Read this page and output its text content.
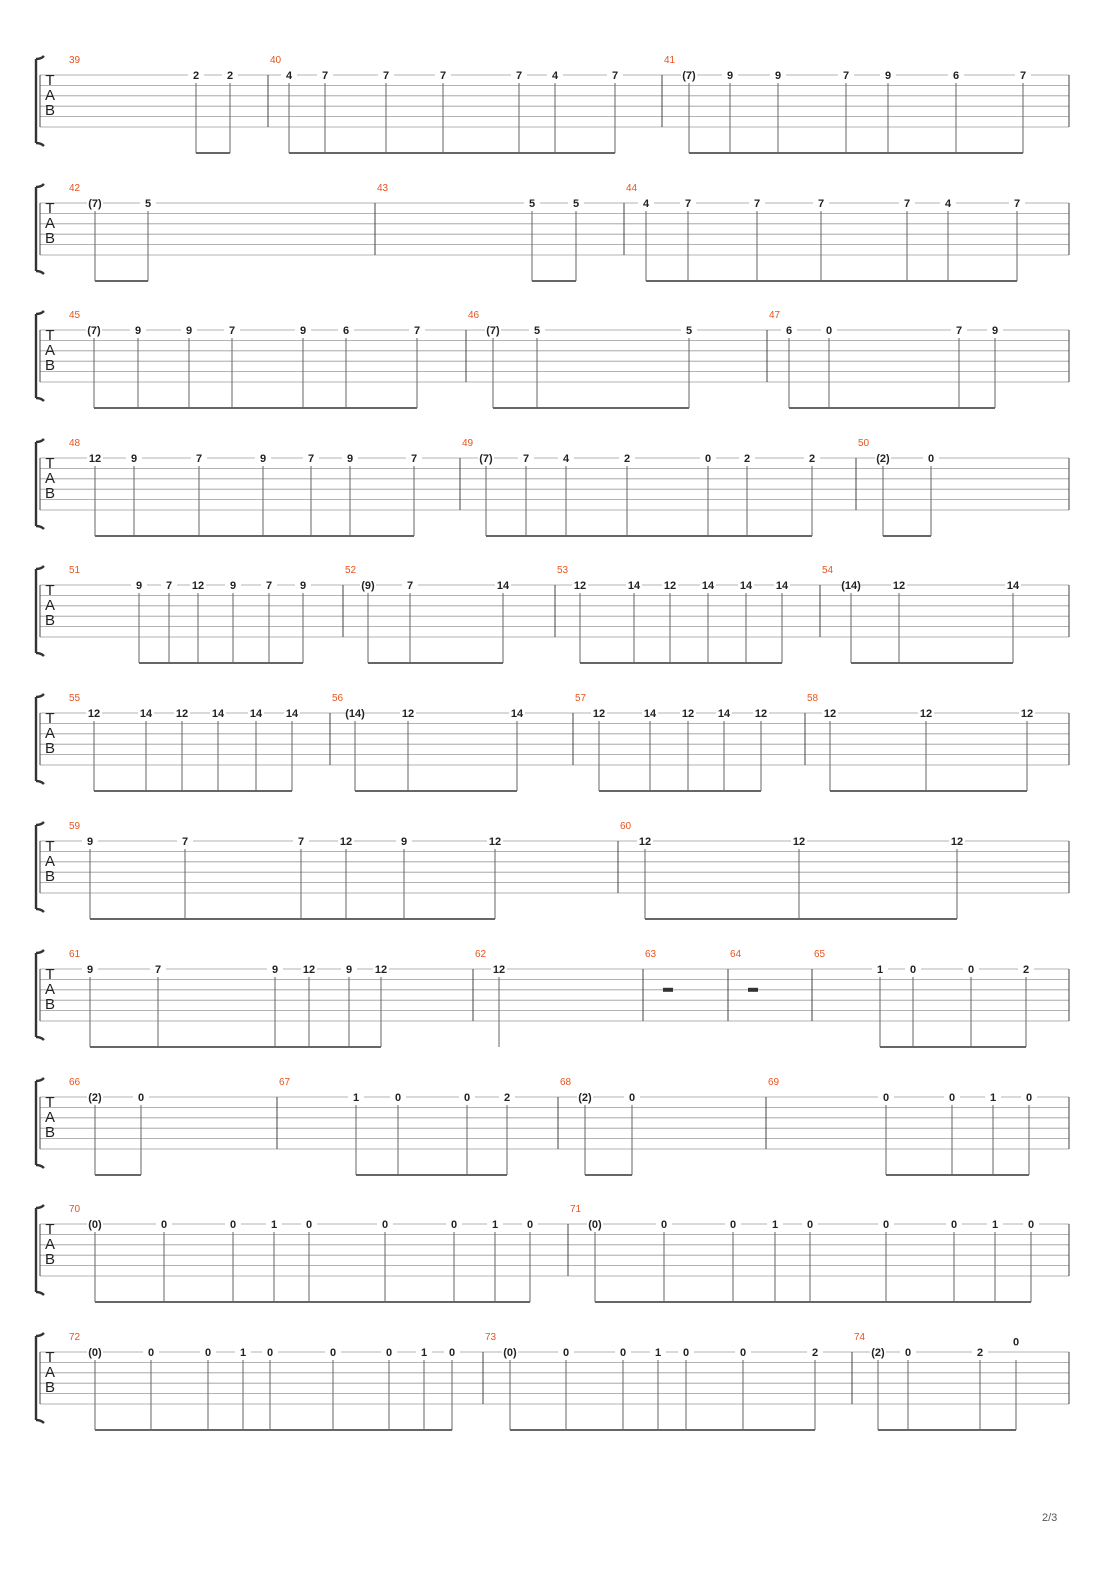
T
A
B
39
2	2
40
4	7	7	7	7	4	7
41
(7)	9	9	7	9	6	7
T
A
B
42
(7)	5
43
5	5
44
4	7	7	7	7	4	7
T
A
B
45
(7)	9	9	7	9	6	7
46
(7)	5	5
47
6	0	7	9
T
A
B
48
12	9	7	9	7	9	7
49
(7)	7	4	2	0	2	2
50
(2)	0
T
A
B
51
9 7 12 9	7	9
52
(9)	7	14
53
12	14 12 14 14 14
54
(14)	12	14
T
A
B
55
12	14 12 14 14 14
56
(14)	12	14
57
12	14 12 14 12
58
12	12	12
T
A
B
59
9	7	7	12	9	12
60
12	12	12
T
A
B
61
9	7	9 12	9 12
62
12
63	64	65
1 0	0	2
T
A
B
66
(2)	0
67
1	0	0	2
68
(2)	0
69
0	0	1	0
T
A
B
70
(0)	0	0	1	0	0	0	1	0
71
(0)	0	0	1	0	0	0	1	0
T
A
B
72
(0)	0	0	1 0	0	0	1 0
73
(0)	0	0	1 0	0	2
74
(2) 0	2
0
2/3
